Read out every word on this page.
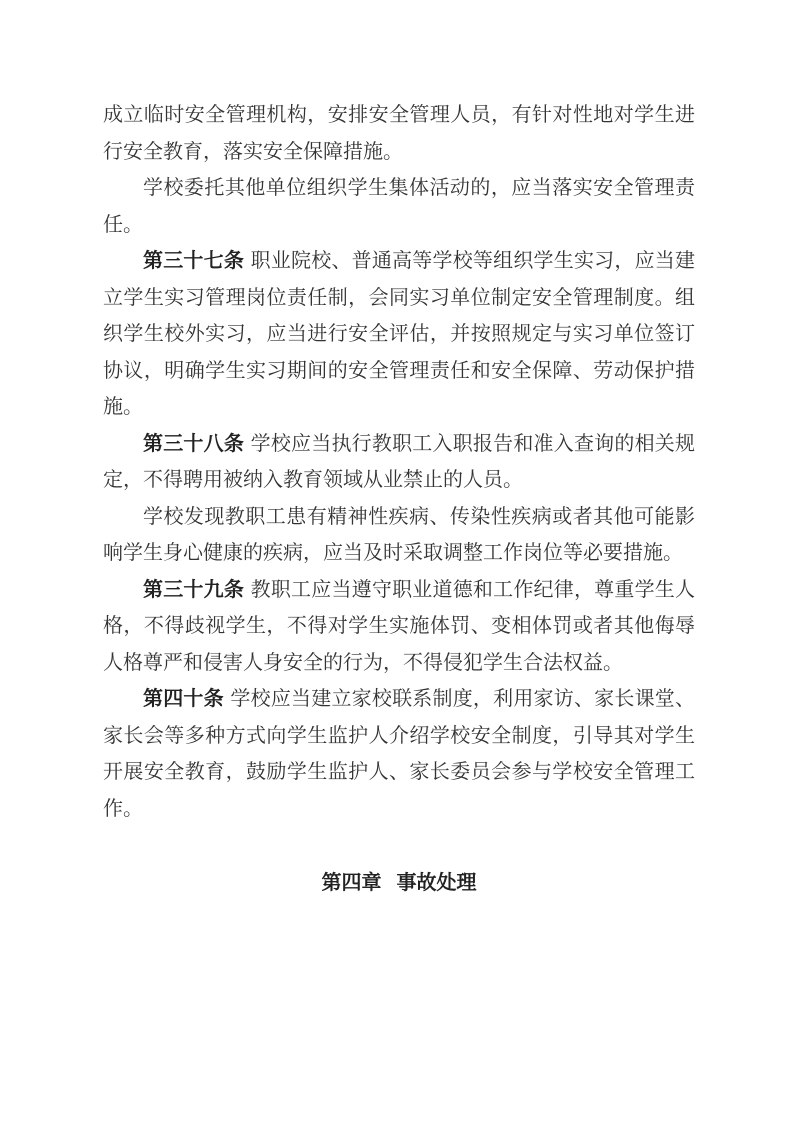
成立临时安全管理机构，安排安全管理人员，有针对性地对学生进行安全教育，落实安全保障措施。

学校委托其他单位组织学生集体活动的，应当落实安全管理责任。

第三十七条 职业院校、普通高等学校等组织学生实习，应当建立学生实习管理岗位责任制，会同实习单位制定安全管理制度。组织学生校外实习，应当进行安全评估，并按照规定与实习单位签订协议，明确学生实习期间的安全管理责任和安全保障、劳动保护措施。

第三十八条 学校应当执行教职工入职报告和准入查询的相关规定，不得聘用被纳入教育领域从业禁止的人员。

学校发现教职工患有精神性疾病、传染性疾病或者其他可能影响学生身心健康的疾病，应当及时采取调整工作岗位等必要措施。

第三十九条 教职工应当遵守职业道德和工作纪律，尊重学生人格，不得歧视学生，不得对学生实施体罚、变相体罚或者其他侮辱人格尊严和侵害人身安全的行为，不得侵犯学生合法权益。

第四十条 学校应当建立家校联系制度，利用家访、家长课堂、家长会等多种方式向学生监护人介绍学校安全制度，引导其对学生开展安全教育，鼓励学生监护人、家长委员会参与学校安全管理工作。

第四章 事故处理
